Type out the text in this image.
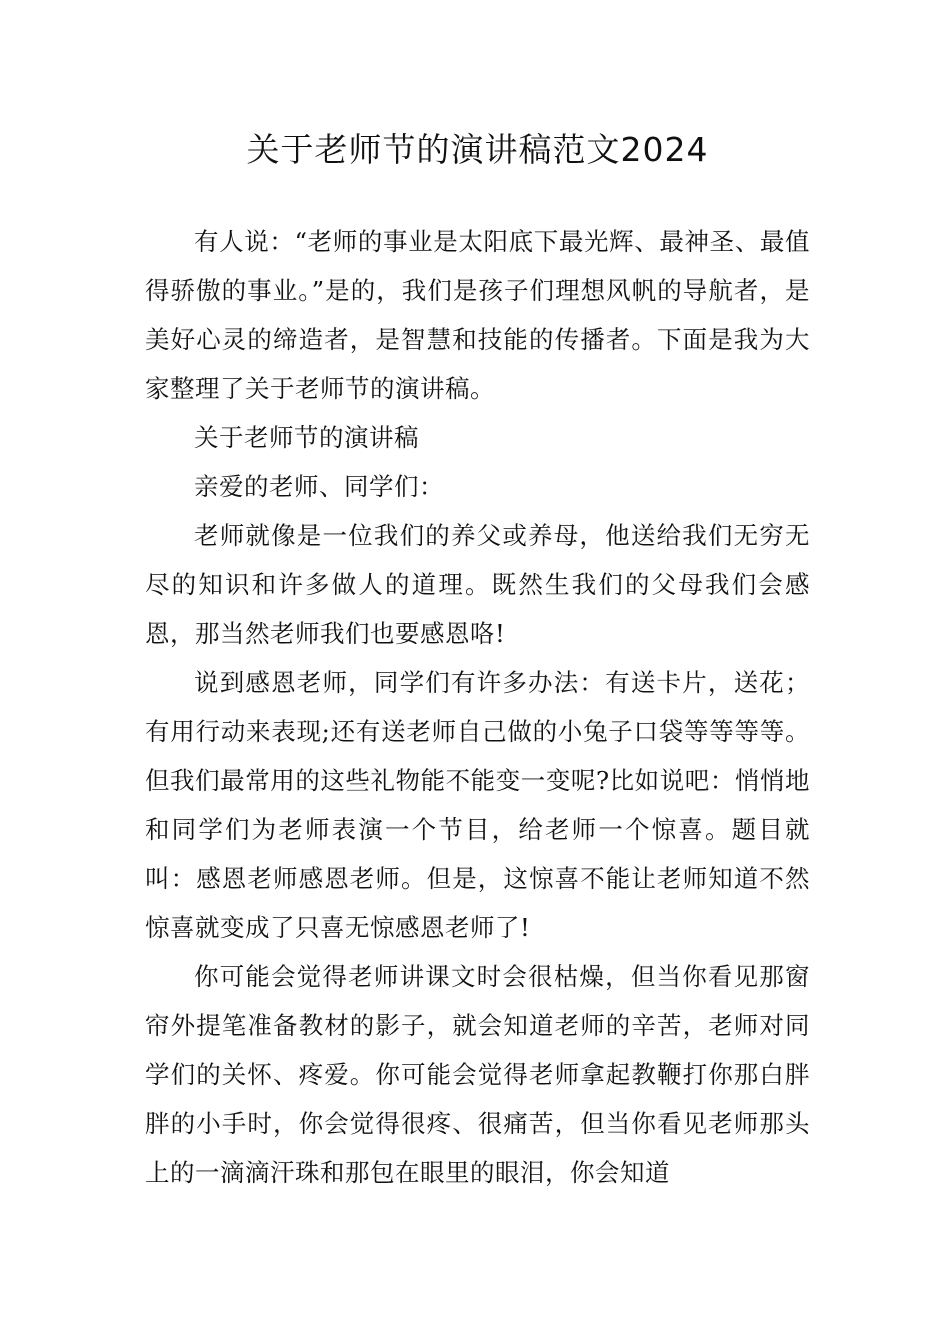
关于老师节的演讲稿范文2024

有人说：“老师的事业是太阳底下最光辉、最神圣、最值得骄傲的事业。”是的，我们是孩子们理想风帆的导航者，是美好心灵的缔造者，是智慧和技能的传播者。下面是我为大家整理了关于老师节的演讲稿。

关于老师节的演讲稿

亲爱的老师、同学们：

老师就像是一位我们的养父或养母，他送给我们无穷无尽的知识和许多做人的道理。既然生我们的父母我们会感恩，那当然老师我们也要感恩咯!

说到感恩老师，同学们有许多办法：有送卡片，送花；有用行动来表现;还有送老师自己做的小兔子口袋等等等等。但我们最常用的这些礼物能不能变一变呢?比如说吧：悄悄地和同学们为老师表演一个节目，给老师一个惊喜。题目就叫：感恩老师感恩老师。但是，这惊喜不能让老师知道不然惊喜就变成了只喜无惊感恩老师了!

你可能会觉得老师讲课文时会很枯燥，但当你看见那窗帘外提笔准备教材的影子，就会知道老师的辛苦，老师对同学们的关怀、疼爱。你可能会觉得老师拿起教鞭打你那白胖胖的小手时，你会觉得很疼、很痛苦，但当你看见老师那头上的一滴滴汗珠和那包在眼里的眼泪，你会知道
